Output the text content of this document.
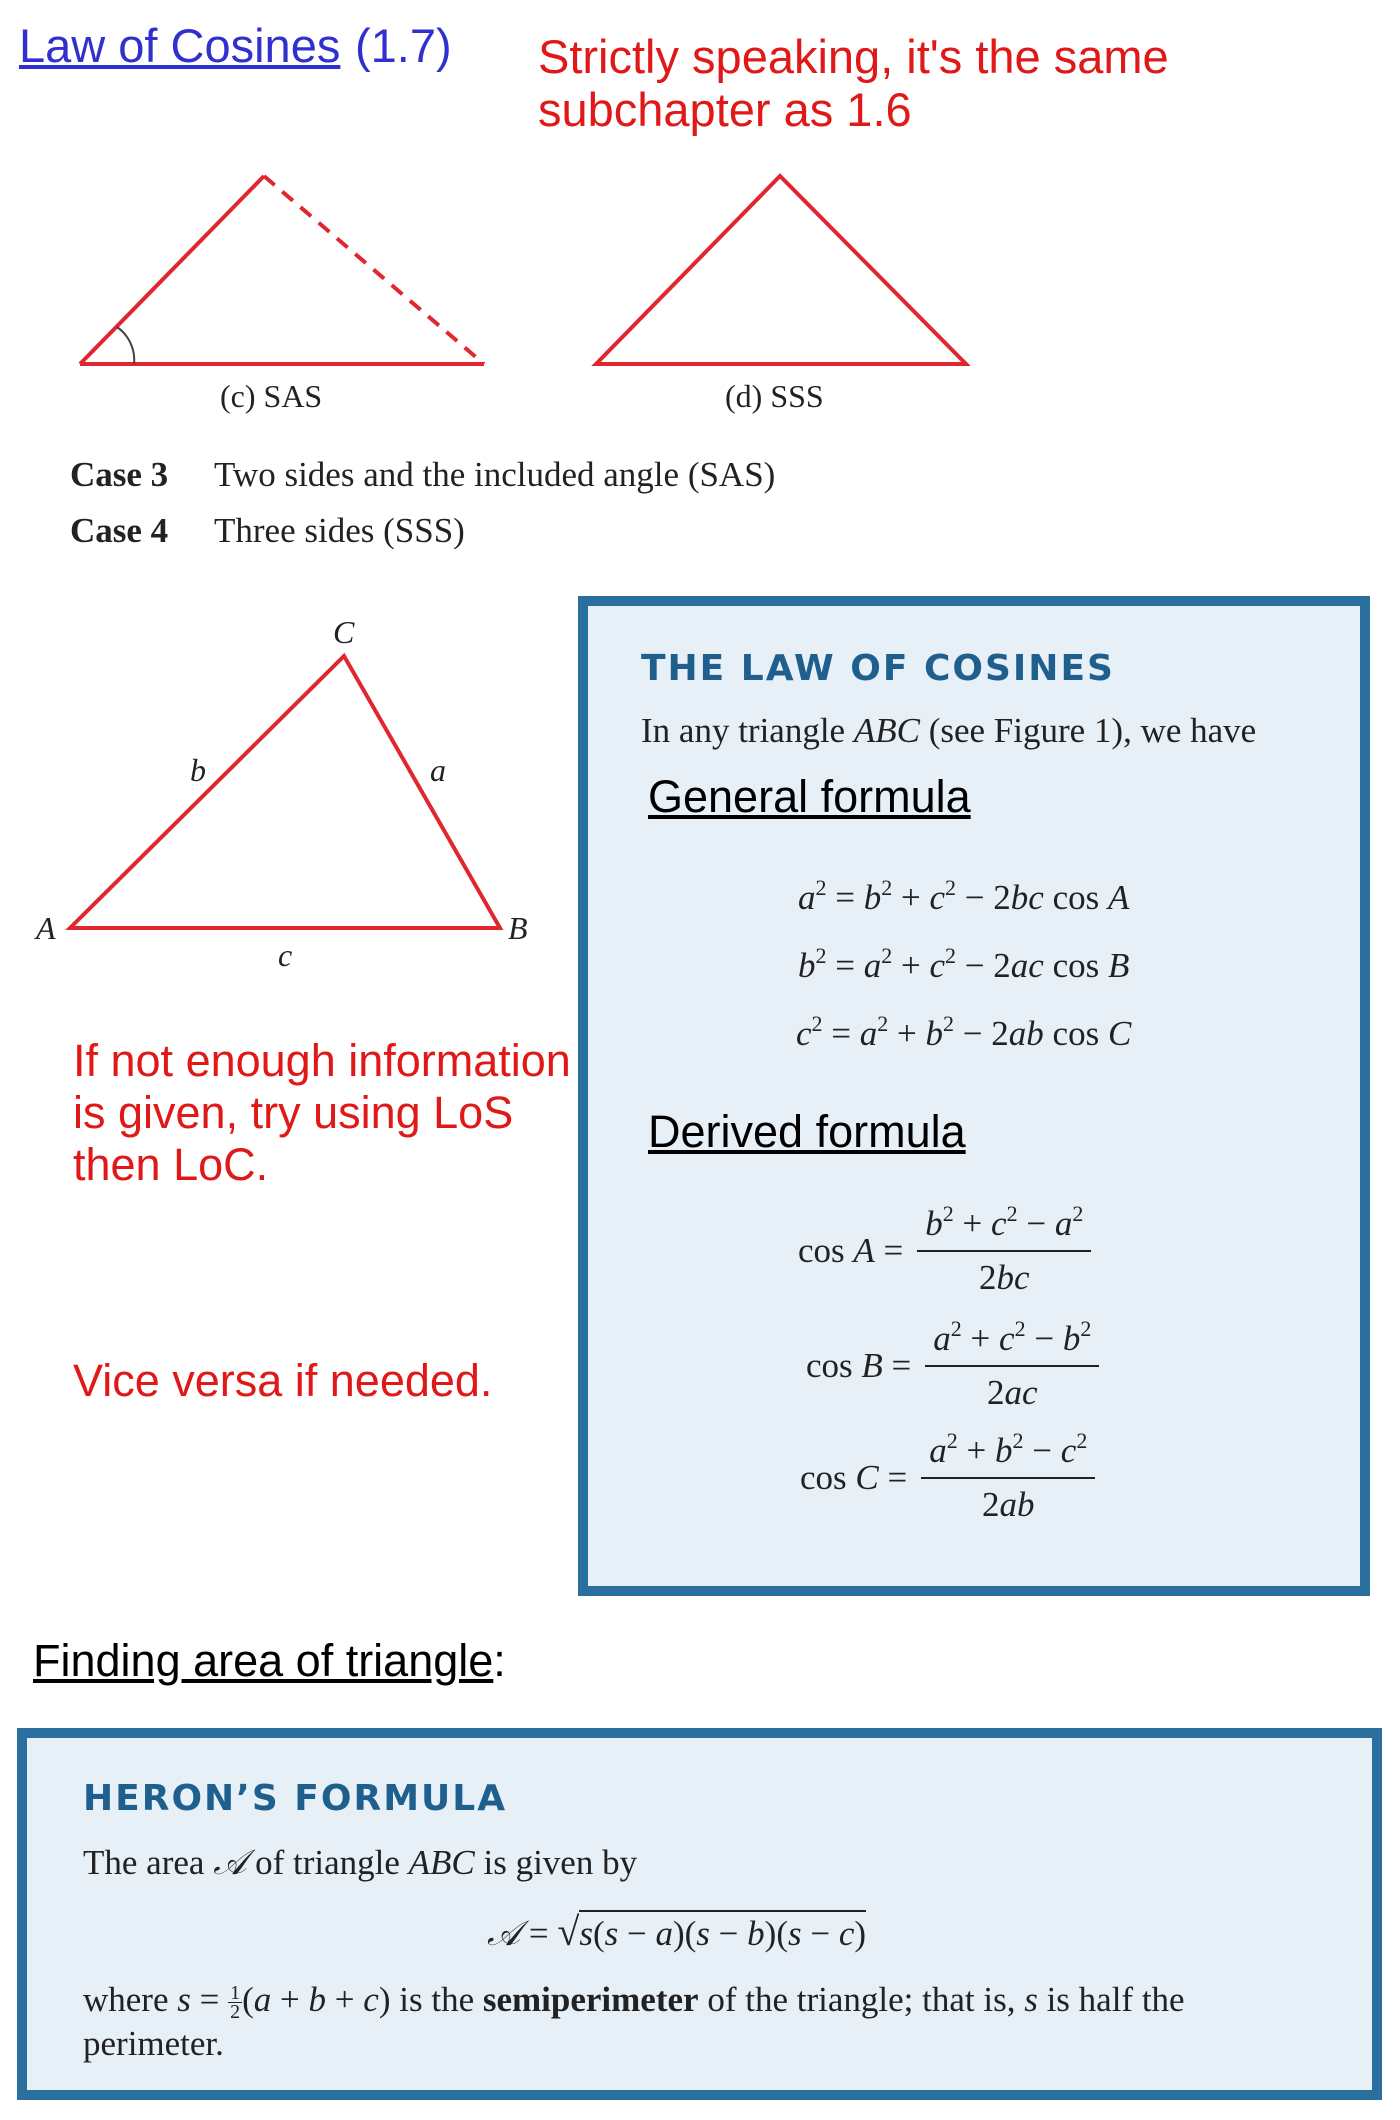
Law of Cosines (1.7) Strictly speaking, it's the same subchapter as 1.6
(c) SAS	(d) SSS
Case 3 Two sides and the included angle (SAS)
Case 4 Three sides (SSS)
C
A	B
b	a
c
If not enough information is given, try using LoS then LoC.
Vice versa if needed.
THE LAW OF COSINES
In any triangle ABC (see Figure 1), we have
General formula
$a^2 = b^2 + c^2 - 2bc$ cos A
$b^2 = a^2 + c^2 - 2ac$ cos B
$c^2 = a^2 + b^2 - 2ab$ cos C
Derived formula
$\cos A = \frac{b^2 + c^2 - a^2}{2bc}$
$\cos B = \frac{a^2 + c^2 - b^2}{2ac}$
$\cos C = \frac{a^2 + b^2 - c^2}{2ab}$
Finding area of triangle:
HERON’S FORMULA
The area 𝒜 of triangle ABC is given by
𝒜 = √s(s − a)(s − b)(s − c)
where $s = \frac{1}{2} (a + b + c)$ is the semiperimeter of the triangle; that is, s is half the perimeter.
